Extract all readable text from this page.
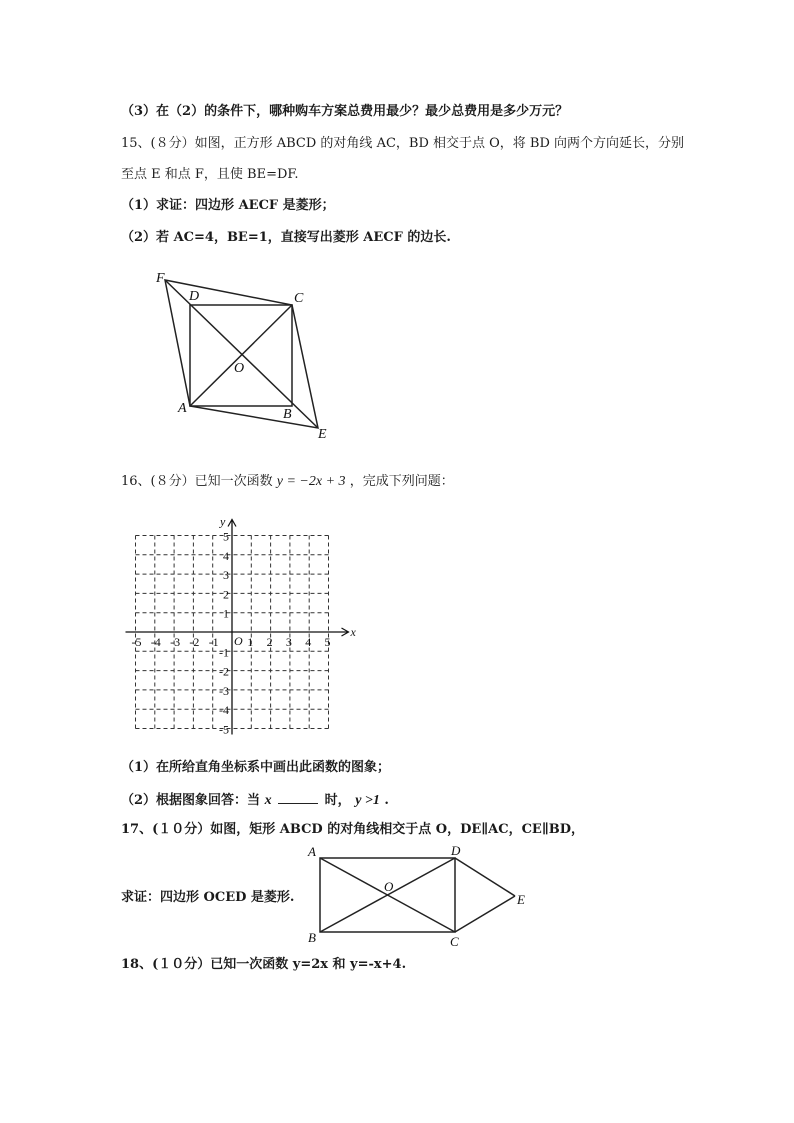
（3）在（2）的条件下，哪种购车方案总费用最少？最少总费用是多少万元？
15、(８分）如图，正方形 ABCD 的对角线 AC，BD 相交于点 O，将 BD 向两个方向延长，分别
至点 E 和点 F，且使 BE=DF.
（1）求证：四边形 AECF 是菱形；
（2）若 AC=4，BE=1，直接写出菱形 AECF 的边长.
F
D	C
O
A	B
E
16、(８分）已知一次函数 y = −2x + 3 ，完成下列问题：
x
y
O
-5 -4 -3 -2 -1 1 2 3 4 5
5
4
3
2
1
-1
-2
-3
-4
-5
（1）在所给直角坐标系中画出此函数的图象；
（2）根据图象回答：当 x	时， y >1 .
17、(１０分）如图，矩形 ABCD 的对角线相交于点 O，DE∥AC，CE∥BD，
求证：四边形 OCED 是菱形.
A	D
O
E
B	C
18、(１０分）已知一次函数 y=2x 和 y=-x+4.
